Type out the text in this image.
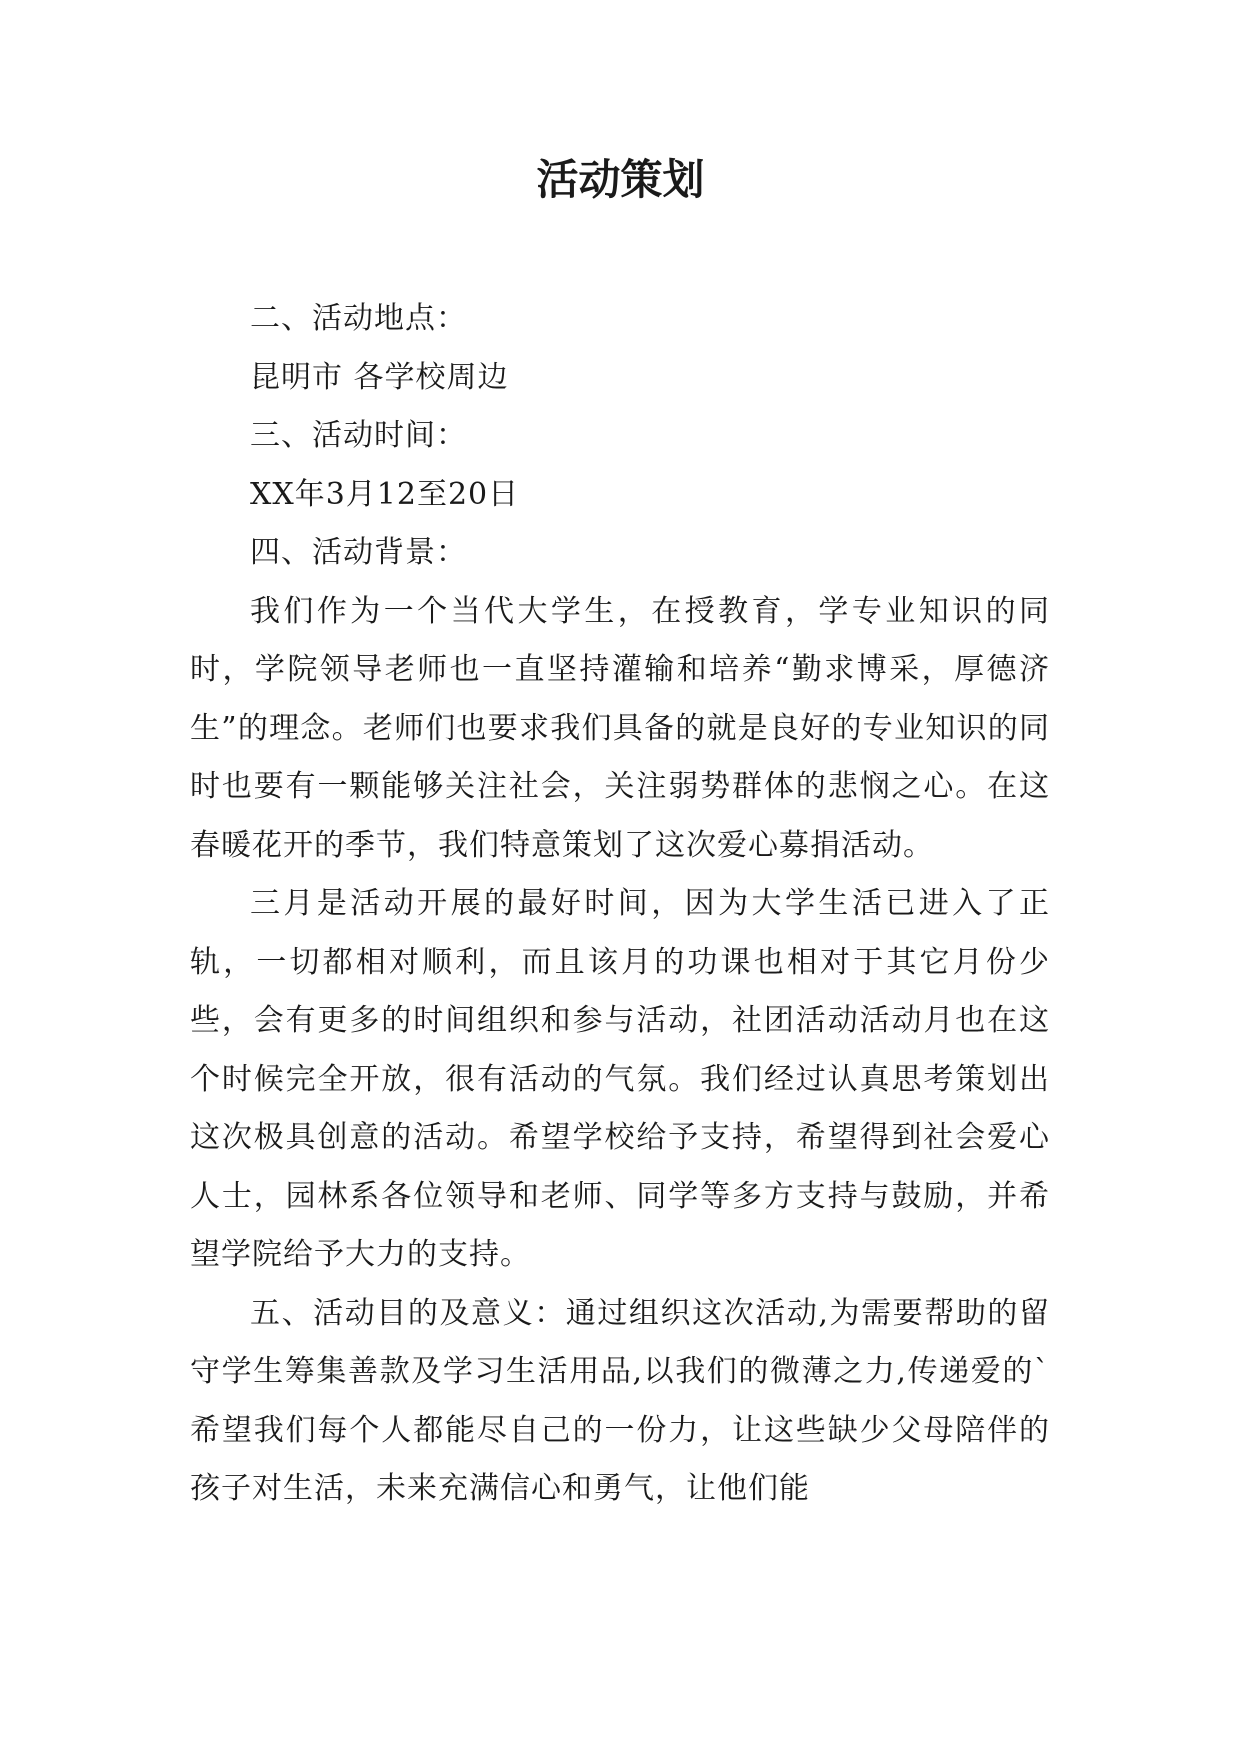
活动策划

二、活动地点：

昆明市 各学校周边

三、活动时间：

XX年3月12至20日

四、活动背景：

我们作为一个当代大学生，在授教育，学专业知识的同时，学院领导老师也一直坚持灌输和培养“勤求博采，厚德济生”的理念。老师们也要求我们具备的就是良好的专业知识的同时也要有一颗能够关注社会，关注弱势群体的悲悯之心。在这春暖花开的季节，我们特意策划了这次爱心募捐活动。

三月是活动开展的最好时间，因为大学生活已进入了正轨，一切都相对顺利，而且该月的功课也相对于其它月份少些，会有更多的时间组织和参与活动，社团活动活动月也在这个时候完全开放，很有活动的气氛。我们经过认真思考策划出这次极具创意的活动。希望学校给予支持，希望得到社会爱心人士，园林系各位领导和老师、同学等多方支持与鼓励，并希望学院给予大力的支持。

五、活动目的及意义：通过组织这次活动,为需要帮助的留守学生筹集善款及学习生活用品,以我们的微薄之力,传递爱的`希望我们每个人都能尽自己的一份力，让这些缺少父母陪伴的孩子对生活，未来充满信心和勇气，让他们能
